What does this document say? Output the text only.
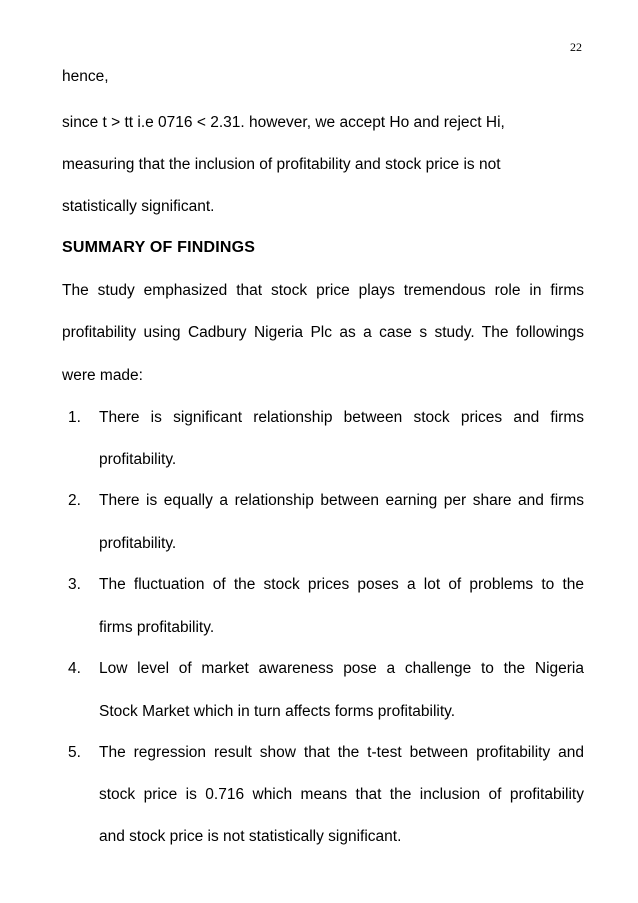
22
hence,
since t > tt i.e 0716 < 2.31. however, we accept Ho and reject Hi,
measuring that the inclusion of profitability and stock price is not
statistically significant.
SUMMARY OF FINDINGS
The study emphasized that stock price plays tremendous role in firms
profitability using Cadbury Nigeria Plc as a case s study. The followings
were made:
1. There is significant relationship between stock prices and firms
profitability.
2. There is equally a relationship between earning per share and firms
profitability.
3. The fluctuation of the stock prices poses a lot of problems to the
firms profitability.
4. Low level of market awareness pose a challenge to the Nigeria
Stock Market which in turn affects forms profitability.
5. The regression result show that the t-test between profitability and
stock price is 0.716 which means that the inclusion of profitability
and stock price is not statistically significant.
